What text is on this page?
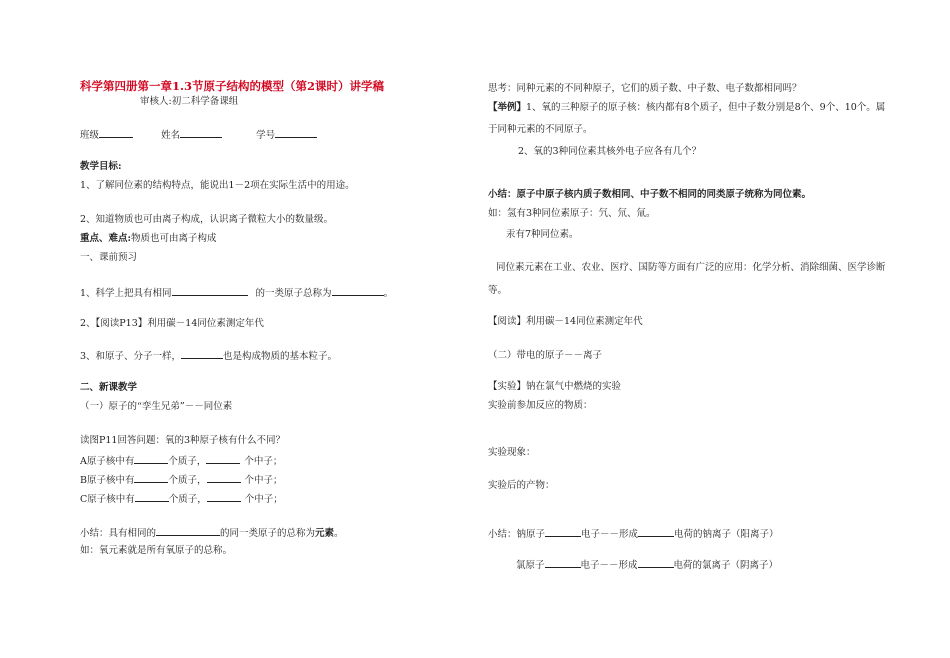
科学第四册第一章1.3节原子结构的模型（第2课时）讲学稿
审核人:初二科学备课组
班级	姓名	学号
教学目标:
1、了解同位素的结构特点，能说出1－2项在实际生活中的用途。
2、知道物质也可由离子构成，认识离子微粒大小的数量级。
重点、难点:物质也可由离子构成
一、课前预习
1、科学上把具有相同	的一类原子总称为	。
2、【阅读P13】利用碳－14同位素测定年代
3、和原子、分子一样，	也是构成物质的基本粒子。
二、新课教学
（一）原子的“孪生兄弟”－－同位素
读图P11回答问题：氧的3种原子核有什么不同？
A原子核中有	个质子，	个中子；
B原子核中有	个质子，	个中子；
C原子核中有	个质子，	个中子；
小结：具有相同的	的同一类原子的总称为元素。
如：氧元素就是所有氧原子的总称。
思考：同种元素的不同种原子，它们的质子数、中子数、电子数都相同吗？
【举例】1、氧的三种原子的原子核：核内都有8个质子，但中子数分别是8个、9个、10个。属
于同种元素的不同原子。
2、氧的3种同位素其核外电子应各有几个？
小结：原子中原子核内质子数相同、中子数不相同的同类原子统称为同位素。
如：氢有3种同位素原子：氕、氘、氚。
汞有7种同位素。
同位素元素在工业、农业、医疗、国防等方面有广泛的应用：化学分析、消除细菌、医学诊断
等。
【阅读】利用碳－14同位素测定年代
（二）带电的原子－－离子
【实验】钠在氯气中燃烧的实验
实验前参加反应的物质：
实验现象：
实验后的产物：
小结：钠原子	电子－－形成	电荷的钠离子（阳离子）
氯原子	电子－－形成	电荷的氯离子（阴离子）
